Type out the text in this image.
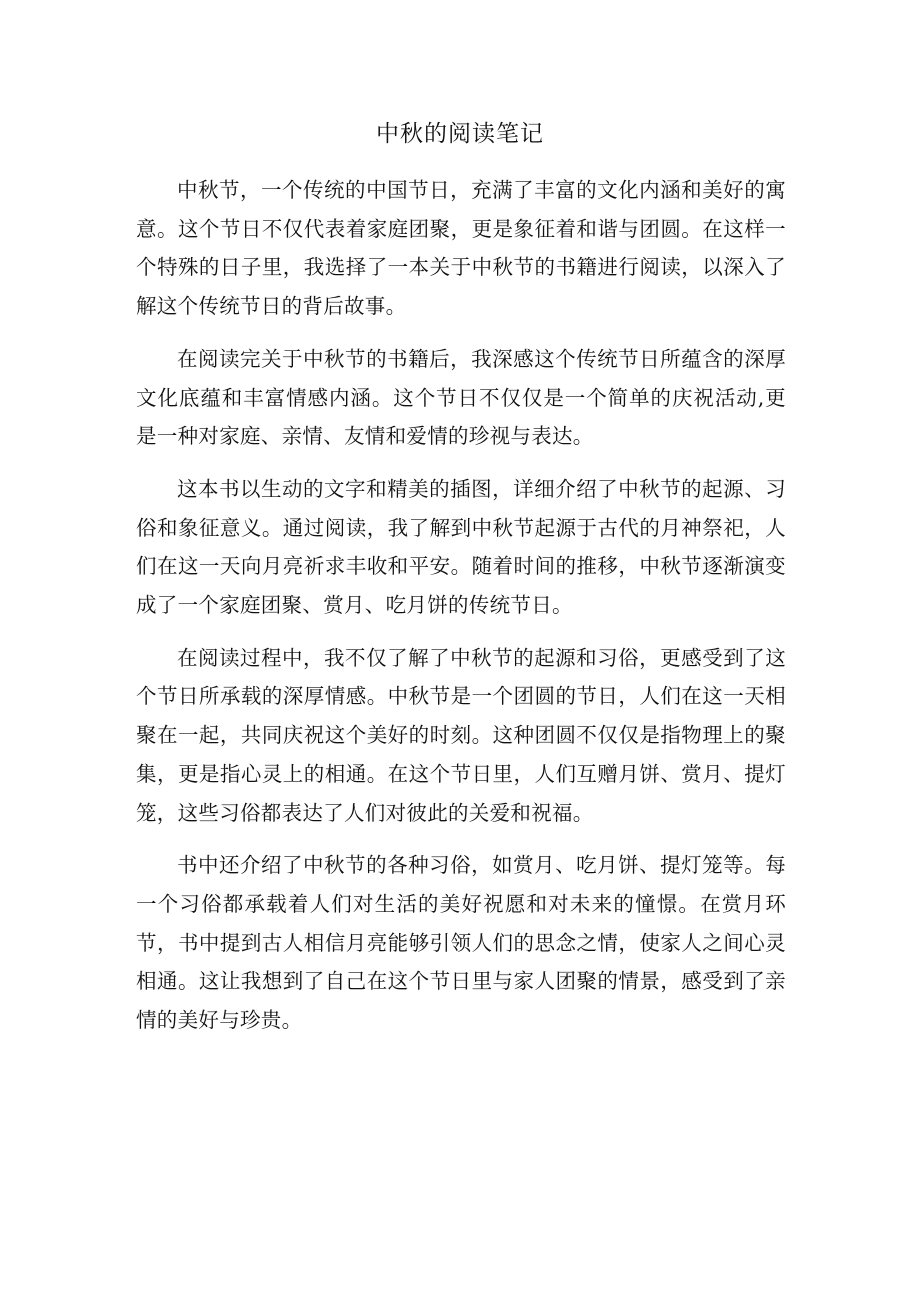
中秋的阅读笔记

中秋节，一个传统的中国节日，充满了丰富的文化内涵和美好的寓意。这个节日不仅代表着家庭团聚，更是象征着和谐与团圆。在这样一个特殊的日子里，我选择了一本关于中秋节的书籍进行阅读，以深入了解这个传统节日的背后故事。

在阅读完关于中秋节的书籍后，我深感这个传统节日所蕴含的深厚文化底蕴和丰富情感内涵。这个节日不仅仅是一个简单的庆祝活动,更是一种对家庭、亲情、友情和爱情的珍视与表达。

这本书以生动的文字和精美的插图，详细介绍了中秋节的起源、习俗和象征意义。通过阅读，我了解到中秋节起源于古代的月神祭祀，人们在这一天向月亮祈求丰收和平安。随着时间的推移，中秋节逐渐演变成了一个家庭团聚、赏月、吃月饼的传统节日。

在阅读过程中，我不仅了解了中秋节的起源和习俗，更感受到了这个节日所承载的深厚情感。中秋节是一个团圆的节日，人们在这一天相聚在一起，共同庆祝这个美好的时刻。这种团圆不仅仅是指物理上的聚集，更是指心灵上的相通。在这个节日里，人们互赠月饼、赏月、提灯笼，这些习俗都表达了人们对彼此的关爱和祝福。

书中还介绍了中秋节的各种习俗，如赏月、吃月饼、提灯笼等。每一个习俗都承载着人们对生活的美好祝愿和对未来的憧憬。在赏月环节，书中提到古人相信月亮能够引领人们的思念之情，使家人之间心灵相通。这让我想到了自己在这个节日里与家人团聚的情景，感受到了亲情的美好与珍贵。
